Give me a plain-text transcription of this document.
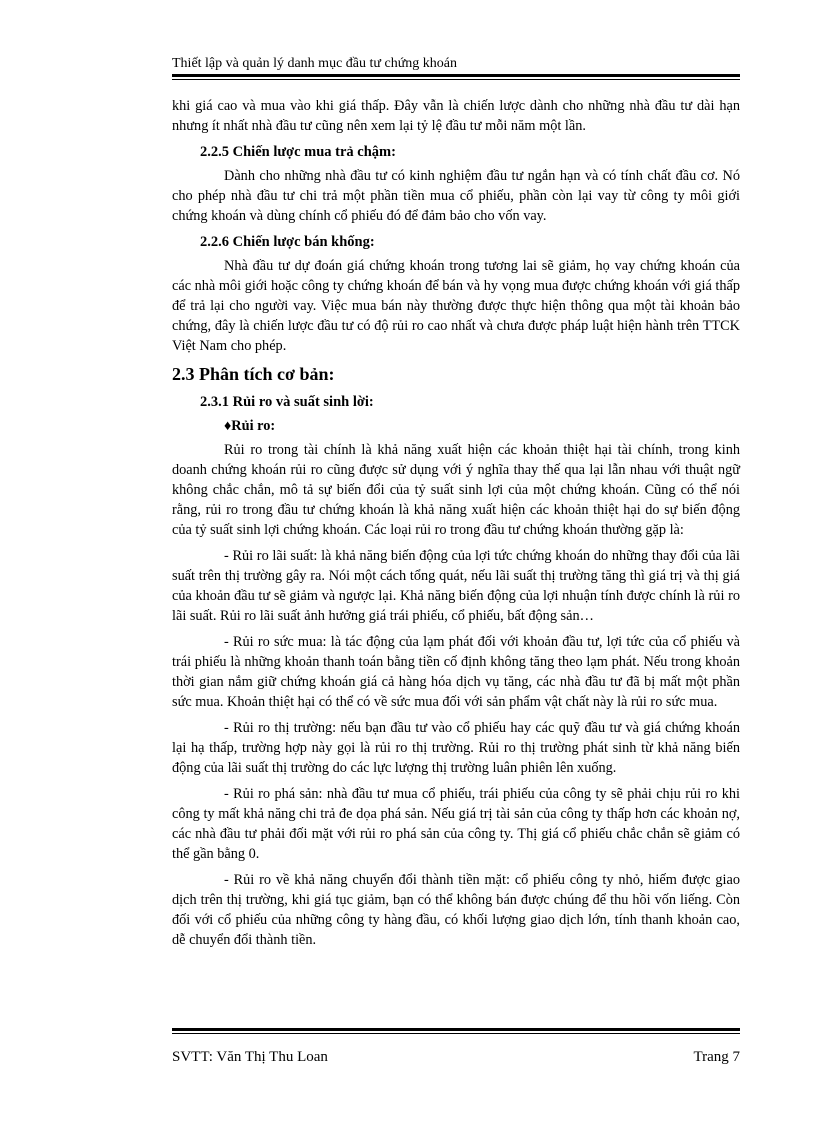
Thiết lập và quản lý danh mục đầu tư chứng khoán

khi giá cao và mua vào khi giá thấp. Đây vẫn là chiến lược dành cho những nhà đầu tư dài hạn nhưng ít nhất nhà đầu tư cũng nên xem lại tỷ lệ đầu tư mỗi năm một lần.

2.2.5 Chiến lược mua trả chậm:

Dành cho những nhà đầu tư có kinh nghiệm đầu tư ngắn hạn và có tính chất đầu cơ. Nó cho phép nhà đầu tư chi trả một phần tiền mua cổ phiếu, phần còn lại vay từ công ty môi giới chứng khoán và dùng chính cổ phiếu đó để đảm bảo cho vốn vay.

2.2.6 Chiến lược bán khống:

Nhà đầu tư dự đoán giá chứng khoán trong tương lai sẽ giảm, họ vay chứng khoán của các nhà môi giới hoặc công ty chứng khoán để bán và hy vọng mua được chứng khoán với giá thấp để trả lại cho người vay. Việc mua bán này thường được thực hiện thông qua một tài khoản bảo chứng, đây là chiến lược đầu tư có độ rủi ro cao nhất và chưa được pháp luật hiện hành trên TTCK Việt Nam cho phép.

2.3 Phân tích cơ bản:

2.3.1 Rủi ro và suất sinh lời:

♦Rủi ro:

Rủi ro trong tài chính là khả năng xuất hiện các khoản thiệt hại tài chính, trong kinh doanh chứng khoán rủi ro cũng được sử dụng với ý nghĩa thay thế qua lại lẫn nhau với thuật ngữ không chắc chắn, mô tả sự biến đổi của tỷ suất sinh lợi của một chứng khoán. Cũng có thể nói rằng, rủi ro trong đầu tư chứng khoán là khả năng xuất hiện các khoản thiệt hại do sự biến động của tỷ suất sinh lợi chứng khoán. Các loại rủi ro trong đầu tư chứng khoán thường gặp là:

- Rủi ro lãi suất: là khả năng biến động của lợi tức chứng khoán do những thay đổi của lãi suất trên thị trường gây ra. Nói một cách tổng quát, nếu lãi suất thị trường tăng thì giá trị và thị giá của khoản đầu tư sẽ giảm và ngược lại. Khả năng biến động của lợi nhuận tính được chính là rủi ro lãi suất. Rủi ro lãi suất ảnh hưởng giá trái phiếu, cổ phiếu, bất động sản…

- Rủi ro sức mua: là tác động của lạm phát đối với khoản đầu tư, lợi tức của cổ phiếu và trái phiếu là những khoản thanh toán bằng tiền cố định không tăng theo lạm phát. Nếu trong khoản thời gian nắm giữ chứng khoán giá cả hàng hóa dịch vụ tăng, các nhà đầu tư đã bị mất một phần sức mua. Khoản thiệt hại có thể có về sức mua đối với sản phẩm vật chất này là rủi ro sức mua.

- Rủi ro thị trường: nếu bạn đầu tư vào cổ phiếu hay các quỹ đầu tư và giá chứng khoán lại hạ thấp, trường hợp này gọi là rủi ro thị trường. Rủi ro thị trường phát sinh từ khả năng biến động của lãi suất thị trường do các lực lượng thị trường luân phiên lên xuống.

- Rủi ro phá sản: nhà đầu tư mua cổ phiếu, trái phiếu của công ty sẽ phải chịu rủi ro khi công ty mất khả năng chi trả đe dọa phá sản. Nếu giá trị tài sản của công ty thấp hơn các khoản nợ, các nhà đầu tư phải đối mặt với rủi ro phá sản của công ty. Thị giá cổ phiếu chắc chắn sẽ giảm có thể gần bằng 0.

- Rủi ro về khả năng chuyển đổi thành tiền mặt: cổ phiếu công ty nhỏ, hiếm được giao dịch trên thị trường, khi giá tục giảm, bạn có thể không bán được chúng để thu hồi vốn liếng. Còn đối với cổ phiếu của những công ty hàng đầu, có khối lượng giao dịch lớn, tính thanh khoản cao, dễ chuyển đổi thành tiền.

SVTT: Văn Thị Thu Loan	Trang 7
